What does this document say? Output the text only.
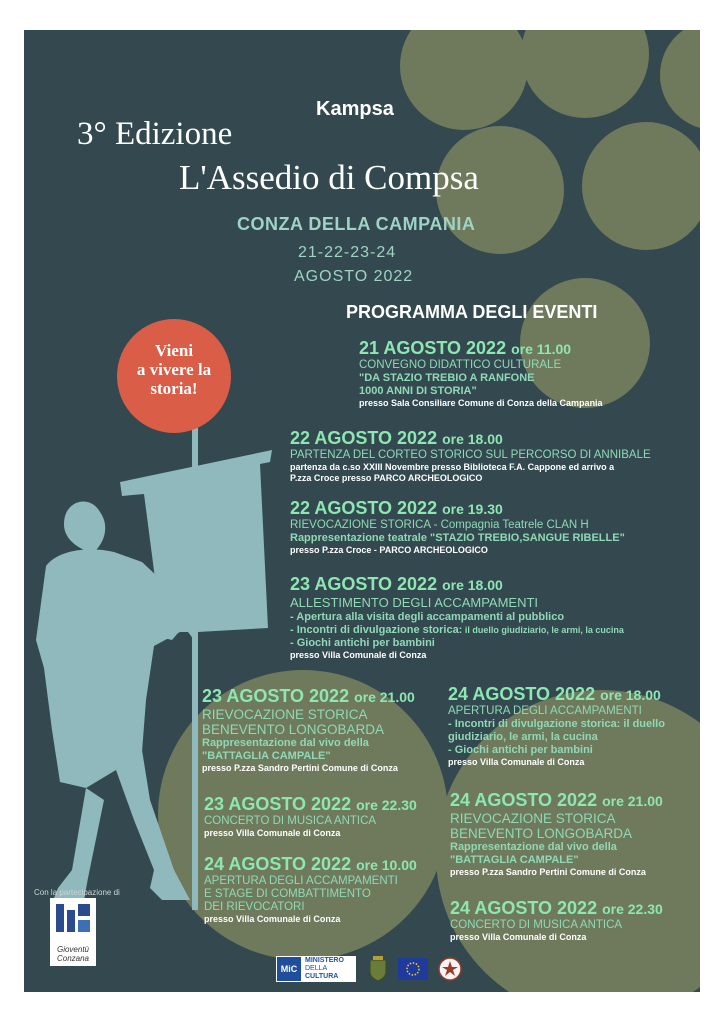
Kampsa
3° Edizione
L'Assedio di Compsa
CONZA DELLA CAMPANIA
21-22-23-24
AGOSTO 2022
PROGRAMMA DEGLI EVENTI
Vieni
a vivere la
storia!
21 AGOSTO 2022 ore 11.00
CONVEGNO DIDATTICO CULTURALE
"DA STAZIO TREBIO A RANFONE
1000 ANNI DI STORIA"
presso Sala Consiliare Comune di Conza della Campania
22 AGOSTO 2022 ore 18.00
PARTENZA DEL CORTEO STORICO SUL PERCORSO DI ANNIBALE
partenza da c.so XXIII Novembre presso Biblioteca F.A. Cappone ed arrivo a
P.zza Croce presso PARCO ARCHEOLOGICO
22 AGOSTO 2022 ore 19.30
RIEVOCAZIONE STORICA - Compagnia Teatrele CLAN H
Rappresentazione teatrale "STAZIO TREBIO,SANGUE RIBELLE"
presso P.zza Croce - PARCO ARCHEOLOGICO
23 AGOSTO 2022 ore 18.00
ALLESTIMENTO DEGLI ACCAMPAMENTI
- Apertura alla visita degli accampamenti al pubblico
- Incontri di divulgazione storica: il duello giudiziario, le armi, la cucina
- Giochi antichi per bambini
presso Villa Comunale di Conza
23 AGOSTO 2022 ore 21.00
RIEVOCAZIONE STORICA
BENEVENTO LONGOBARDA
Rappresentazione dal vivo della
"BATTAGLIA CAMPALE"
presso P.zza Sandro Pertini Comune di Conza
24 AGOSTO 2022 ore 18.00
APERTURA DEGLI ACCAMPAMENTI
- Incontri di divulgazione storica: il duello
giudiziario, le armi, la cucina
- Giochi antichi per bambini
presso Villa Comunale di Conza
23 AGOSTO 2022 ore 22.30
CONCERTO DI MUSICA ANTICA
presso Villa Comunale di Conza
24 AGOSTO 2022 ore 21.00
RIEVOCAZIONE STORICA
BENEVENTO LONGOBARDA
Rappresentazione dal vivo della
"BATTAGLIA CAMPALE"
presso P.zza Sandro Pertini Comune di Conza
24 AGOSTO 2022 ore 10.00
APERTURA DEGLI ACCAMPAMENTI
E STAGE DI COMBATTIMENTO
DEI RIEVOCATORI
presso Villa Comunale di Conza
24 AGOSTO 2022 ore 22.30
CONCERTO DI MUSICA ANTICA
presso Villa Comunale di Conza
Con la partecipazione di
Gioventù
Conzana
MiC
MINISTERO
DELLA
CULTURA
